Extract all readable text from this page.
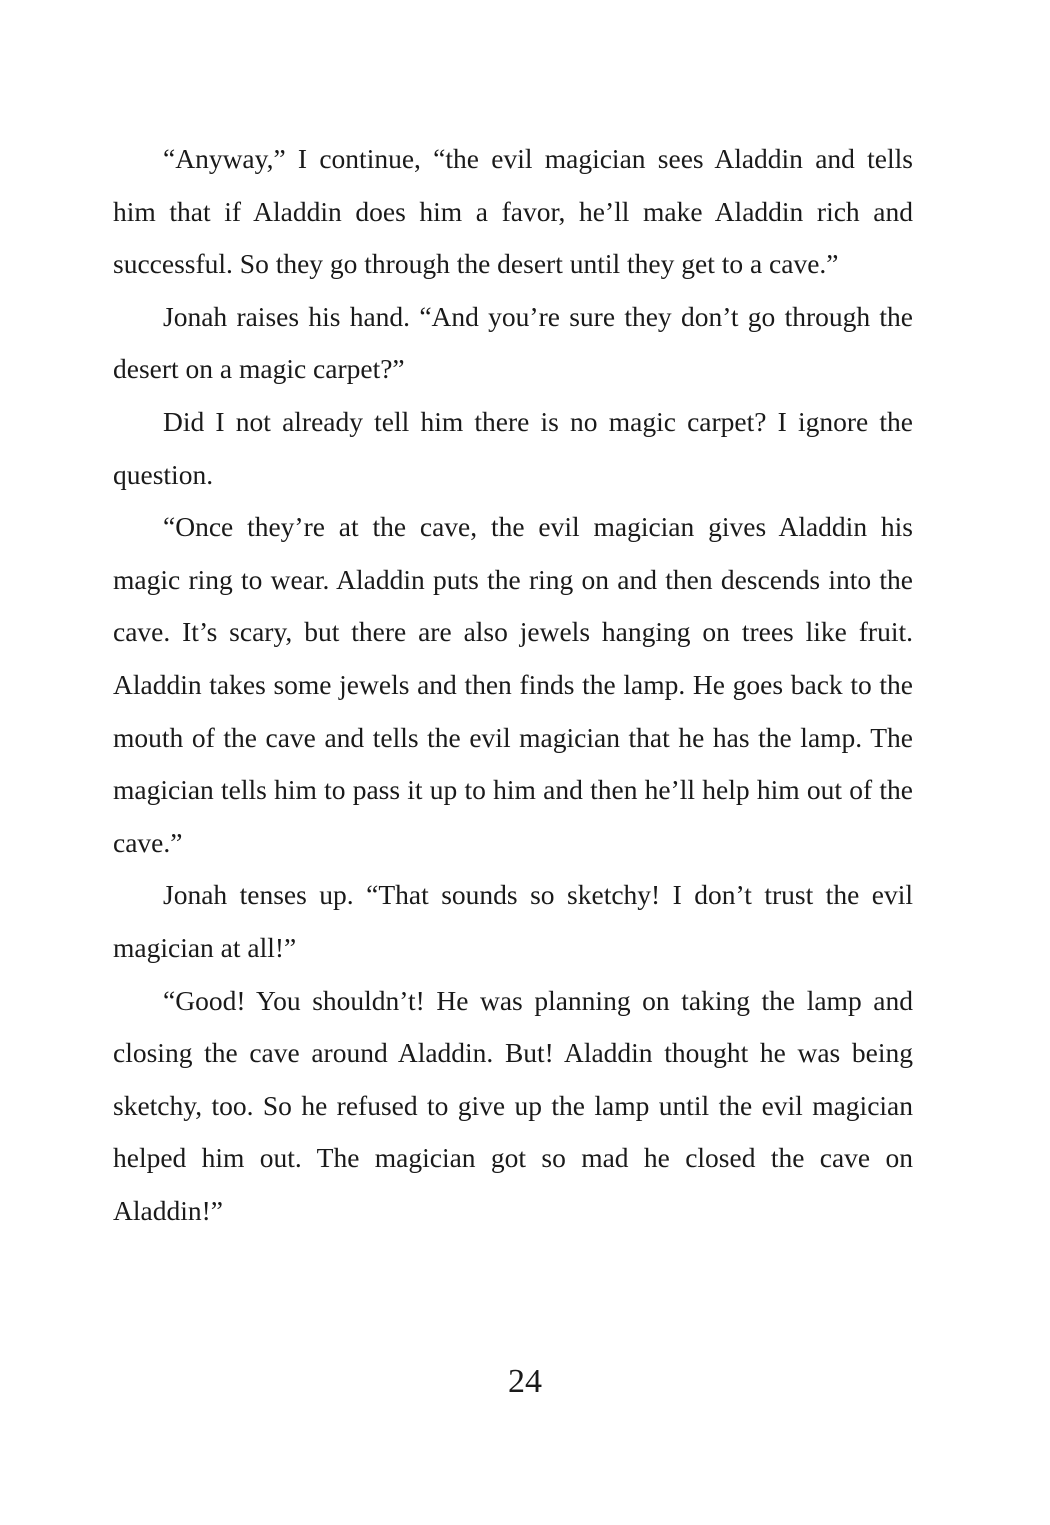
“Anyway,” I continue, “the evil magician sees Aladdin and tells him that if Aladdin does him a favor, he’ll make Aladdin rich and successful. So they go through the desert until they get to a cave.”

Jonah raises his hand. “And you’re sure they don’t go through the desert on a magic carpet?”

Did I not already tell him there is no magic carpet? I ignore the question.

“Once they’re at the cave, the evil magician gives Aladdin his magic ring to wear. Aladdin puts the ring on and then descends into the cave. It’s scary, but there are also jewels hanging on trees like fruit. Aladdin takes some jewels and then finds the lamp. He goes back to the mouth of the cave and tells the evil magician that he has the lamp. The magician tells him to pass it up to him and then he’ll help him out of the cave.”

Jonah tenses up. “That sounds so sketchy! I don’t trust the evil magician at all!”

“Good! You shouldn’t! He was planning on taking the lamp and closing the cave around Aladdin. But! Aladdin thought he was being sketchy, too. So he refused to give up the lamp until the evil magician helped him out. The magician got so mad he closed the cave on Aladdin!”

24
